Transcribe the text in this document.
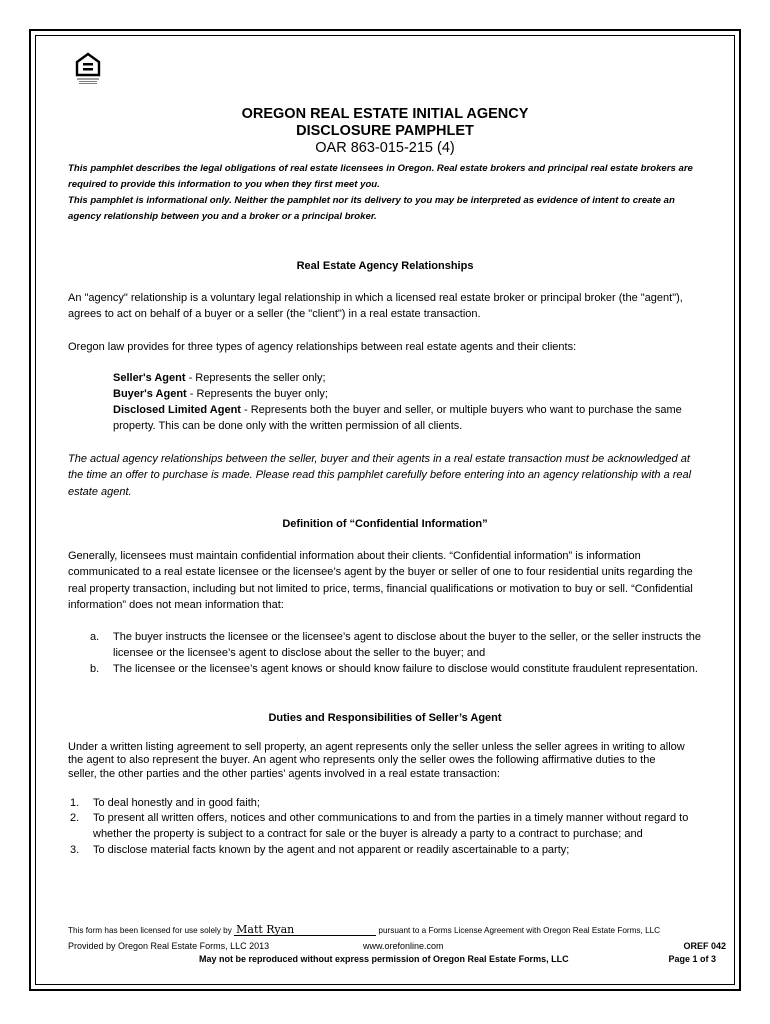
OREGON REAL ESTATE INITIAL AGENCY
DISCLOSURE PAMPHLET
OAR 863-015-215 (4)
This pamphlet describes the legal obligations of real estate licensees in Oregon. Real estate brokers and principal real estate brokers are
required to provide this information to you when they first meet you.
This pamphlet is informational only. Neither the pamphlet nor its delivery to you may be interpreted as evidence of intent to create an
agency relationship between you and a broker or a principal broker.
Real Estate Agency Relationships
An "agency" relationship is a voluntary legal relationship in which a licensed real estate broker or principal broker (the "agent"),
agrees to act on behalf of a buyer or a seller (the "client") in a real estate transaction.
Oregon law provides for three types of agency relationships between real estate agents and their clients:
Seller's Agent - Represents the seller only;
Buyer's Agent - Represents the buyer only;
Disclosed Limited Agent - Represents both the buyer and seller, or multiple buyers who want to purchase the same
property. This can be done only with the written permission of all clients.
The actual agency relationships between the seller, buyer and their agents in a real estate transaction must be acknowledged at
the time an offer to purchase is made. Please read this pamphlet carefully before entering into an agency relationship with a real
estate agent.
Definition of “Confidential Information”
Generally, licensees must maintain confidential information about their clients. “Confidential information” is information
communicated to a real estate licensee or the licensee’s agent by the buyer or seller of one to four residential units regarding the
real property transaction, including but not limited to price, terms, financial qualifications or motivation to buy or sell. “Confidential
information” does not mean information that:
a. The buyer instructs the licensee or the licensee’s agent to disclose about the buyer to the seller, or the seller instructs the
licensee or the licensee’s agent to disclose about the seller to the buyer; and
b. The licensee or the licensee’s agent knows or should know failure to disclose would constitute fraudulent representation.
Duties and Responsibilities of Seller’s Agent
Under a written listing agreement to sell property, an agent represents only the seller unless the seller agrees in writing to allow
the agent to also represent the buyer. An agent who represents only the seller owes the following affirmative duties to the
seller, the other parties and the other parties’ agents involved in a real estate transaction:
1. To deal honestly and in good faith;
2. To present all written offers, notices and other communications to and from the parties in a timely manner without regard to
whether the property is subject to a contract for sale or the buyer is already a party to a contract to purchase; and
3. To disclose material facts known by the agent and not apparent or readily ascertainable to a party;
This form has been licensed for use solely by Matt Ryan	pursuant to a Forms License Agreement with Oregon Real Estate Forms, LLC
Provided by Oregon Real Estate Forms, LLC 2013	www.orefonline.com	OREF 042
May not be reproduced without express permission of Oregon Real Estate Forms, LLC	Page 1 of 3
